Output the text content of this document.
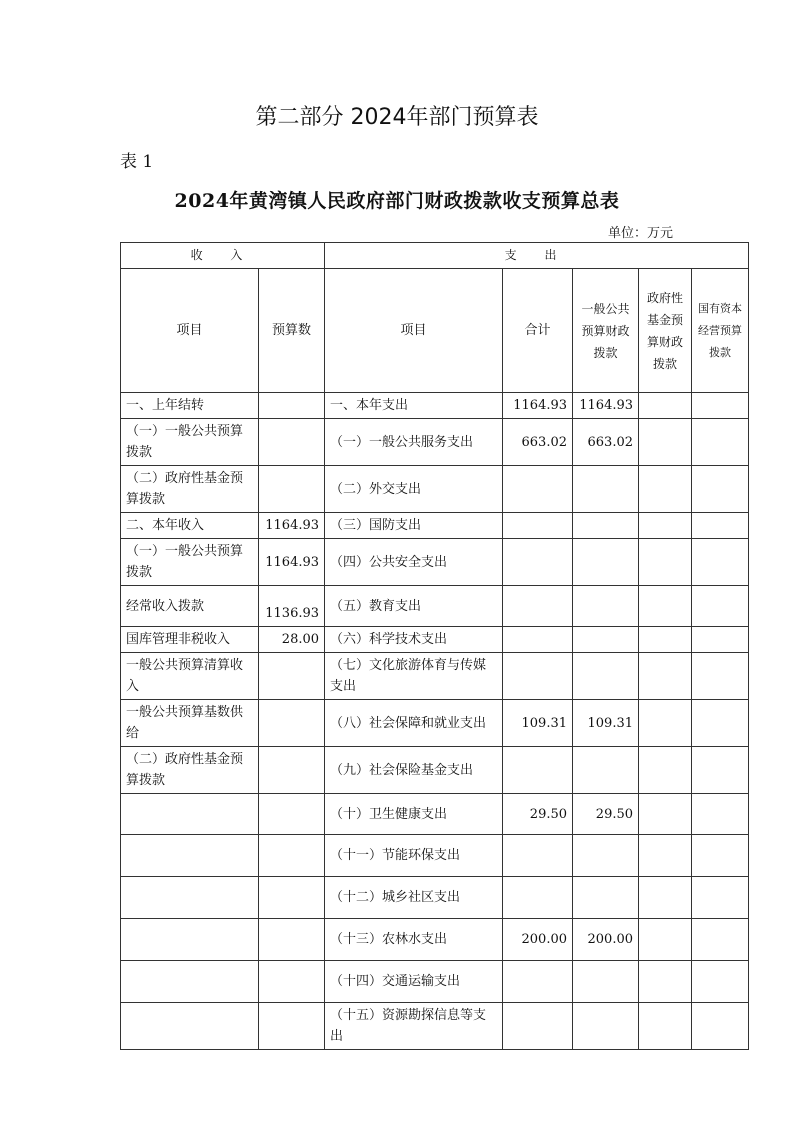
第二部分 2024年部门预算表
表 1
2024年黄湾镇人民政府部门财政拨款收支预算总表
单位：万元
收 入		支 出				
项目	预算数	项目	合计	一般公共预算财政拨款	政府性基金预算财政拨款	国有资本经营预算拨款
一、上年结转		一、本年支出	1164.93	1164.93		
（一）一般公共预算拨款		（一）一般公共服务支出	663.02	663.02		
（二）政府性基金预算拨款		（二）外交支出				
二、本年收入	1164.93	（三）国防支出				
（一）一般公共预算拨款	1164.93	（四）公共安全支出				
经常收入拨款	1136.93	（五）教育支出				
国库管理非税收入	28.00	（六）科学技术支出				
一般公共预算清算收入		（七）文化旅游体育与传媒支出				
一般公共预算基数供给		（八）社会保障和就业支出	109.31	109.31		
（二）政府性基金预算拨款		（九）社会保险基金支出				
		（十）卫生健康支出	29.50	29.50		
		（十一）节能环保支出				
		（十二）城乡社区支出				
		（十三）农林水支出	200.00	200.00		
		（十四）交通运输支出				
		（十五）资源勘探信息等支出				
